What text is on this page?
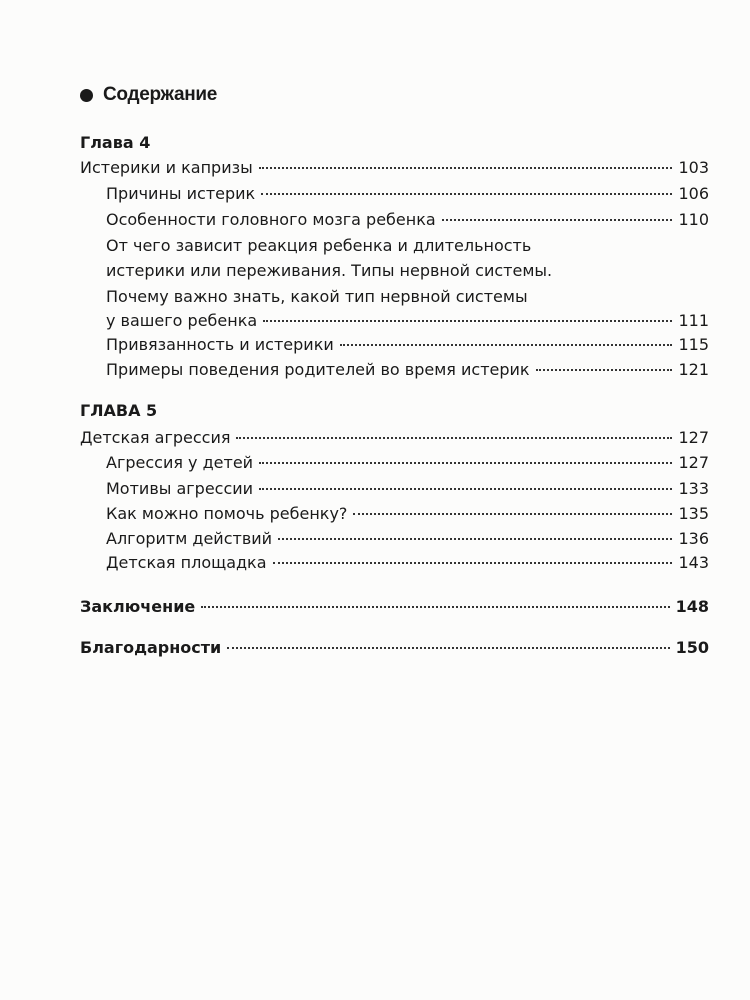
Содержание
Глава 4
Истерики и капризы	103
Причины истерик	106
Особенности головного мозга ребенка	110
От чего зависит реакция ребенка и длительность
истерики или переживания. Типы нервной системы.
Почему важно знать, какой тип нервной системы
у вашего ребенка	111
Привязанность и истерики	115
Примеры поведения родителей во время истерик	121
ГЛАВА 5
Детская агрессия	127
Агрессия у детей	127
Мотивы агрессии	133
Как можно помочь ребенку?	135
Алгоритм действий	136
Детская площадка	143
Заключение	148
Благодарности	150
